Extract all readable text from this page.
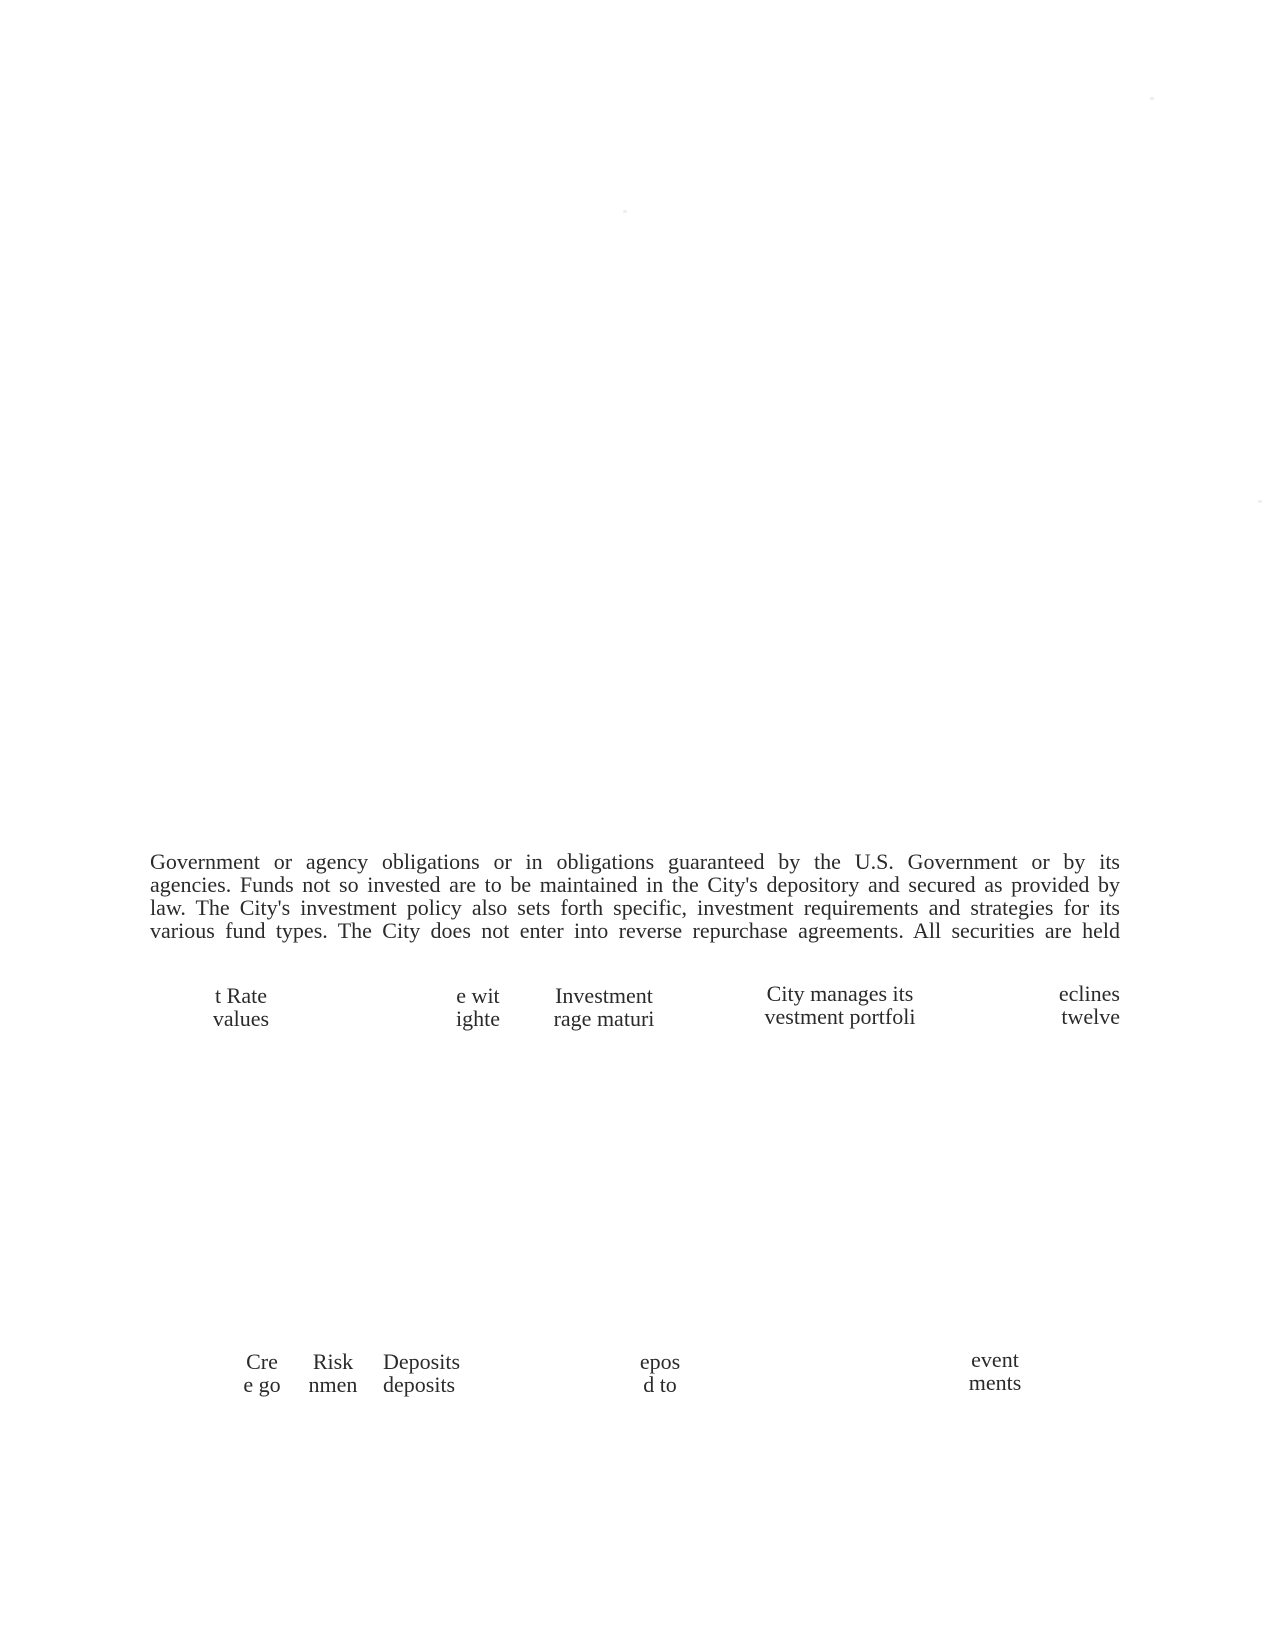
Government or agency obligations or in obligations guaranteed by the U.S. Government or by its
agencies. Funds not so invested are to be maintained in the City's depository and secured as provided by
law. The City's investment policy also sets forth specific, investment requirements and strategies for its
various fund types. The City does not enter into reverse repurchase agreements. All securities are held
t Rate
values
e wit
ighte
Investment
rage maturi
City manages its
vestment portfoli
eclines
twelve
Cre
e go
Risk
nmen
Deposits
deposits
epos
d to
event
ments
